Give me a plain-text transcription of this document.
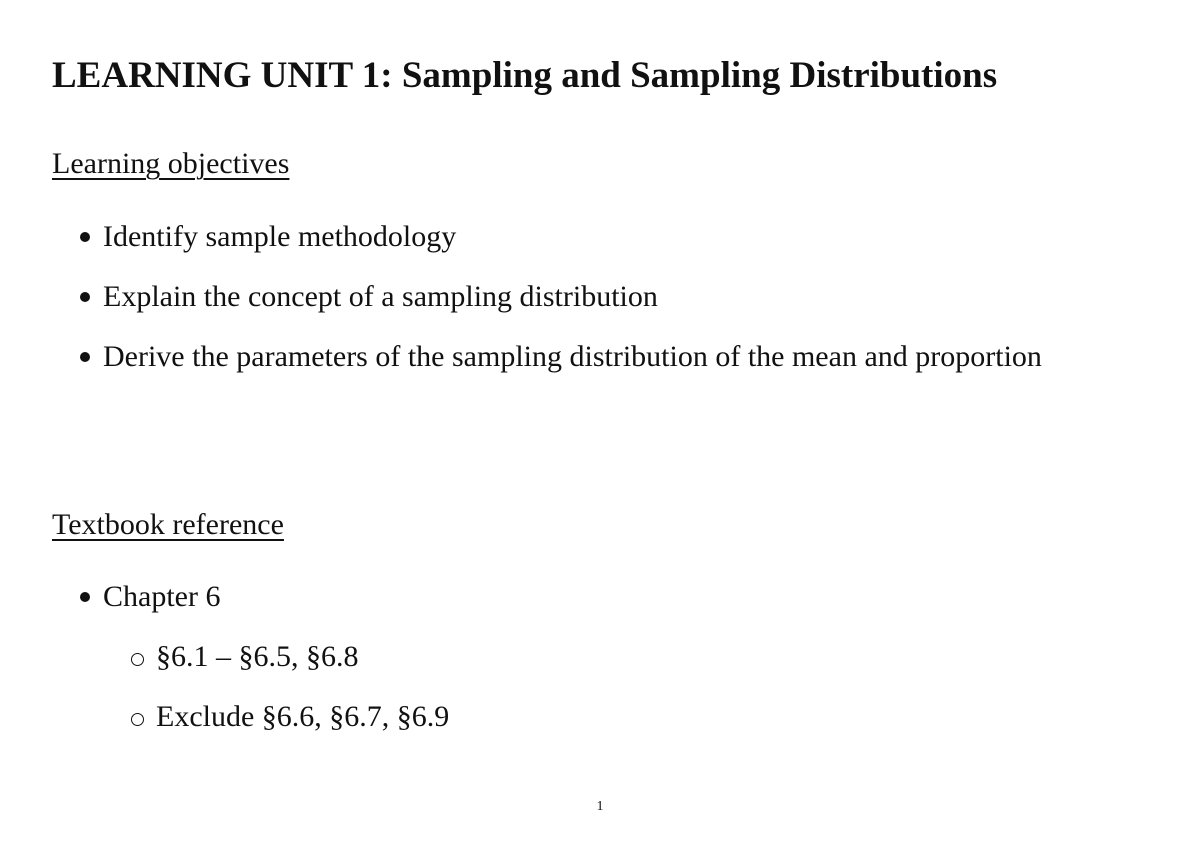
LEARNING UNIT 1: Sampling and Sampling Distributions
Learning objectives
Identify sample methodology
Explain the concept of a sampling distribution
Derive the parameters of the sampling distribution of the mean and proportion
Textbook reference
Chapter 6
§6.1 – §6.5, §6.8
Exclude §6.6, §6.7, §6.9
1
